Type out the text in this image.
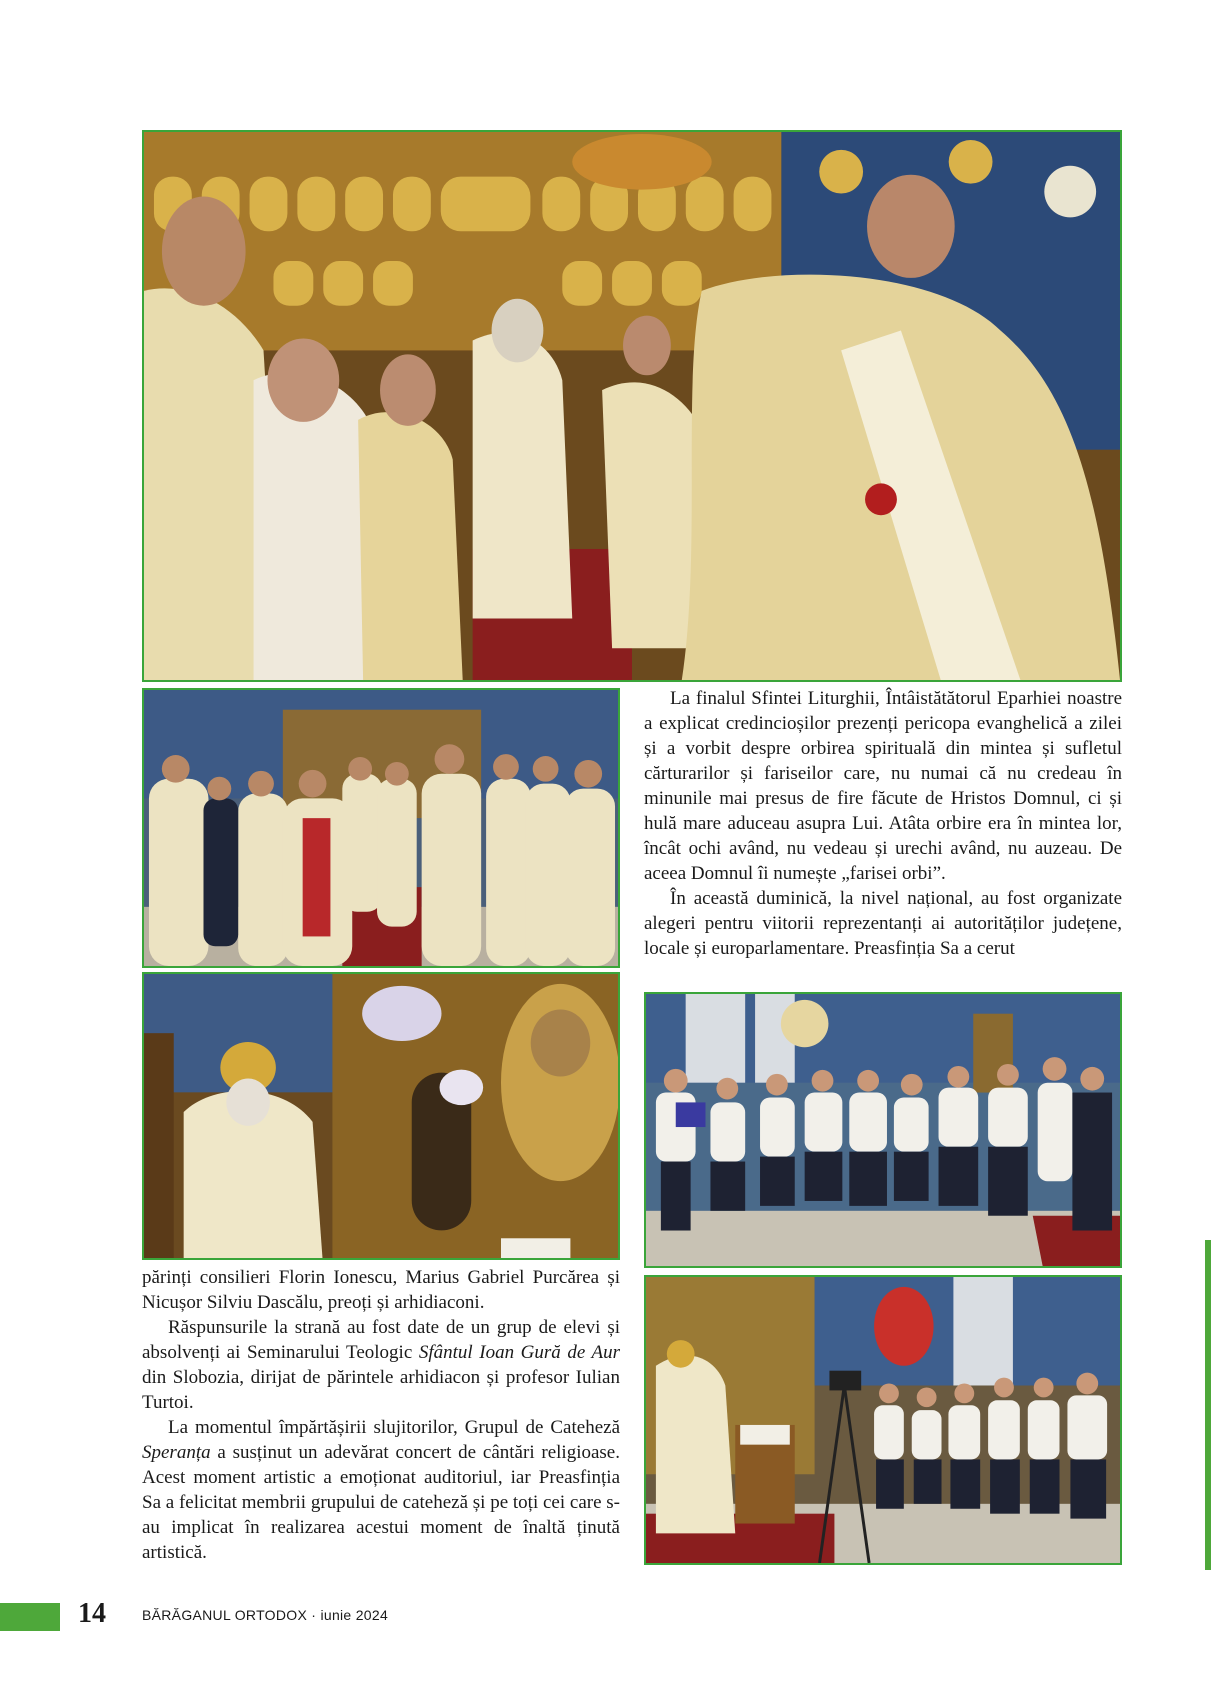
La finalul Sfintei Liturghii, Întâistătătorul Eparhiei noastre a explicat credincioșilor prezenți pericopa evanghelică a zilei și a vorbit despre orbirea spirituală din mintea și sufletul cărturarilor și fariseilor care, nu numai că nu credeau în minunile mai presus de fire făcute de Hristos Domnul, ci și hulă mare aduceau asupra Lui. Atâta orbire era în mintea lor, încât ochi având, nu vedeau și urechi având, nu auzeau. De aceea Domnul îi numește „farisei orbi”.

În această duminică, la nivel național, au fost organizate alegeri pentru viitorii reprezentanți ai autorităților județene, locale și europarlamentare. Preasfinția Sa a cerut

părinți consilieri Florin Ionescu, Marius Gabriel Purcărea și Nicușor Silviu Dascălu, preoți și arhidiaconi.

Răspunsurile la strană au fost date de un grup de elevi și absolvenți ai Seminarului Teologic Sfântul Ioan Gură de Aur din Slobozia, dirijat de părintele arhidiacon și profesor Iulian Turtoi.

La momentul împărtășirii slujitorilor, Grupul de Cateheză Speranța a susținut un adevărat concert de cântări religioase. Acest moment artistic a emoționat auditoriul, iar Preasfinția Sa a felicitat membrii grupului de cateheză și pe toți cei care s-au implicat în realizarea acestui moment de înaltă ținută artistică.

14	BĂRĂGANUL ORTODOX · iunie 2024
